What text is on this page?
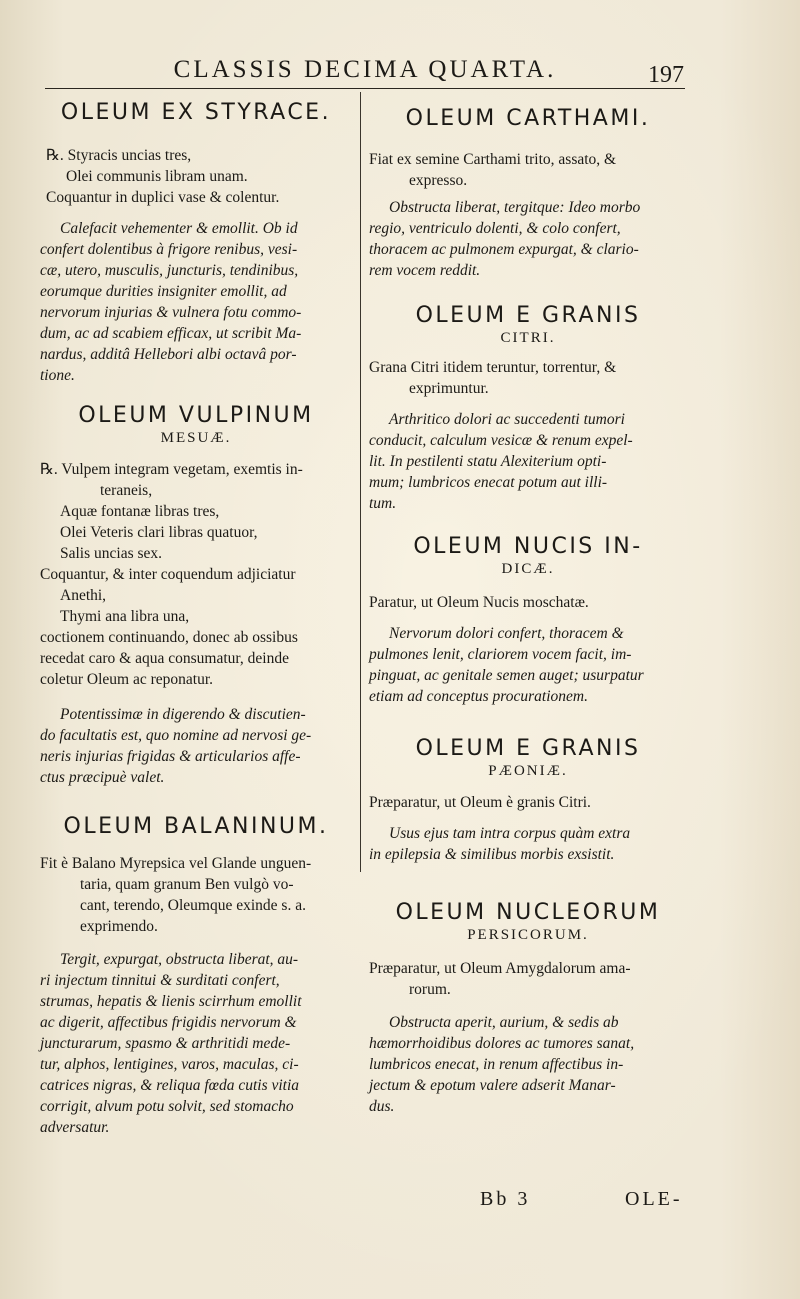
CLASSIS DECIMA QUARTA.	197
OLEUM EX STYRACE.

℞. Styracis uncias tres,

Olei communis libram unam.

Coquantur in duplici vase & colentur.

Calefacit vehementer & emollit. Ob id

confert dolentibus à frigore renibus, vesi-

cæ, utero, musculis, juncturis, tendinibus,

eorumque durities insigniter emollit, ad

nervorum injurias & vulnera fotu commo-

dum, ac ad scabiem efficax, ut scribit Ma-

nardus, additâ Hellebori albi octavâ por-

tione.

OLEUM VULPINUM
MESUÆ.

℞. Vulpem integram vegetam, exemtis in-

teraneis,

Aquæ fontanæ libras tres,

Olei Veteris clari libras quatuor,

Salis uncias sex.

Coquantur, & inter coquendum adjiciatur

Anethi,

Thymi ana libra una,

coctionem continuando, donec ab ossibus

recedat caro & aqua consumatur, deinde

coletur Oleum ac reponatur.

Potentissimæ in digerendo & discutien-

do facultatis est, quo nomine ad nervosi ge-

neris injurias frigidas & articularios affe-

ctus præcipuè valet.

OLEUM BALANINUM.

Fit è Balano Myrepsica vel Glande unguen-

taria, quam granum Ben vulgò vo-

cant, terendo, Oleumque exinde s. a.

exprimendo.

Tergit, expurgat, obstructa liberat, au-

ri injectum tinnitui & surditati confert,

strumas, hepatis & lienis scirrhum emollit

ac digerit, affectibus frigidis nervorum &

juncturarum, spasmo & arthritidi mede-

tur, alphos, lentigines, varos, maculas, ci-

catrices nigras, & reliqua fœda cutis vitia

corrigit, alvum potu solvit, sed stomacho

adversatur.

OLEUM CARTHAMI.

Fiat ex semine Carthami trito, assato, &

expresso.

Obstructa liberat, tergitque: Ideo morbo

regio, ventriculo dolenti, & colo confert,

thoracem ac pulmonem expurgat, & clario-

rem vocem reddit.

OLEUM E GRANIS
CITRI.

Grana Citri itidem teruntur, torrentur, &

exprimuntur.

Arthritico dolori ac succedenti tumori

conducit, calculum vesicæ & renum expel-

lit. In pestilenti statu Alexiterium opti-

mum; lumbricos enecat potum aut illi-

tum.

OLEUM NUCIS IN-
DICÆ.

Paratur, ut Oleum Nucis moschatæ.

Nervorum dolori confert, thoracem &

pulmones lenit, clariorem vocem facit, im-

pinguat, ac genitale semen auget; usurpatur

etiam ad conceptus procurationem.

OLEUM E GRANIS
PÆONIÆ.

Præparatur, ut Oleum è granis Citri.

Usus ejus tam intra corpus quàm extra

in epilepsia & similibus morbis exsistit.

OLEUM NUCLEORUM
PERSICORUM.

Præparatur, ut Oleum Amygdalorum ama-

rorum.

Obstructa aperit, aurium, & sedis ab

hæmorrhoidibus dolores ac tumores sanat,

lumbricos enecat, in renum affectibus in-

jectum & epotum valere adserit Manar-

dus.

Bb 3	OLE-
